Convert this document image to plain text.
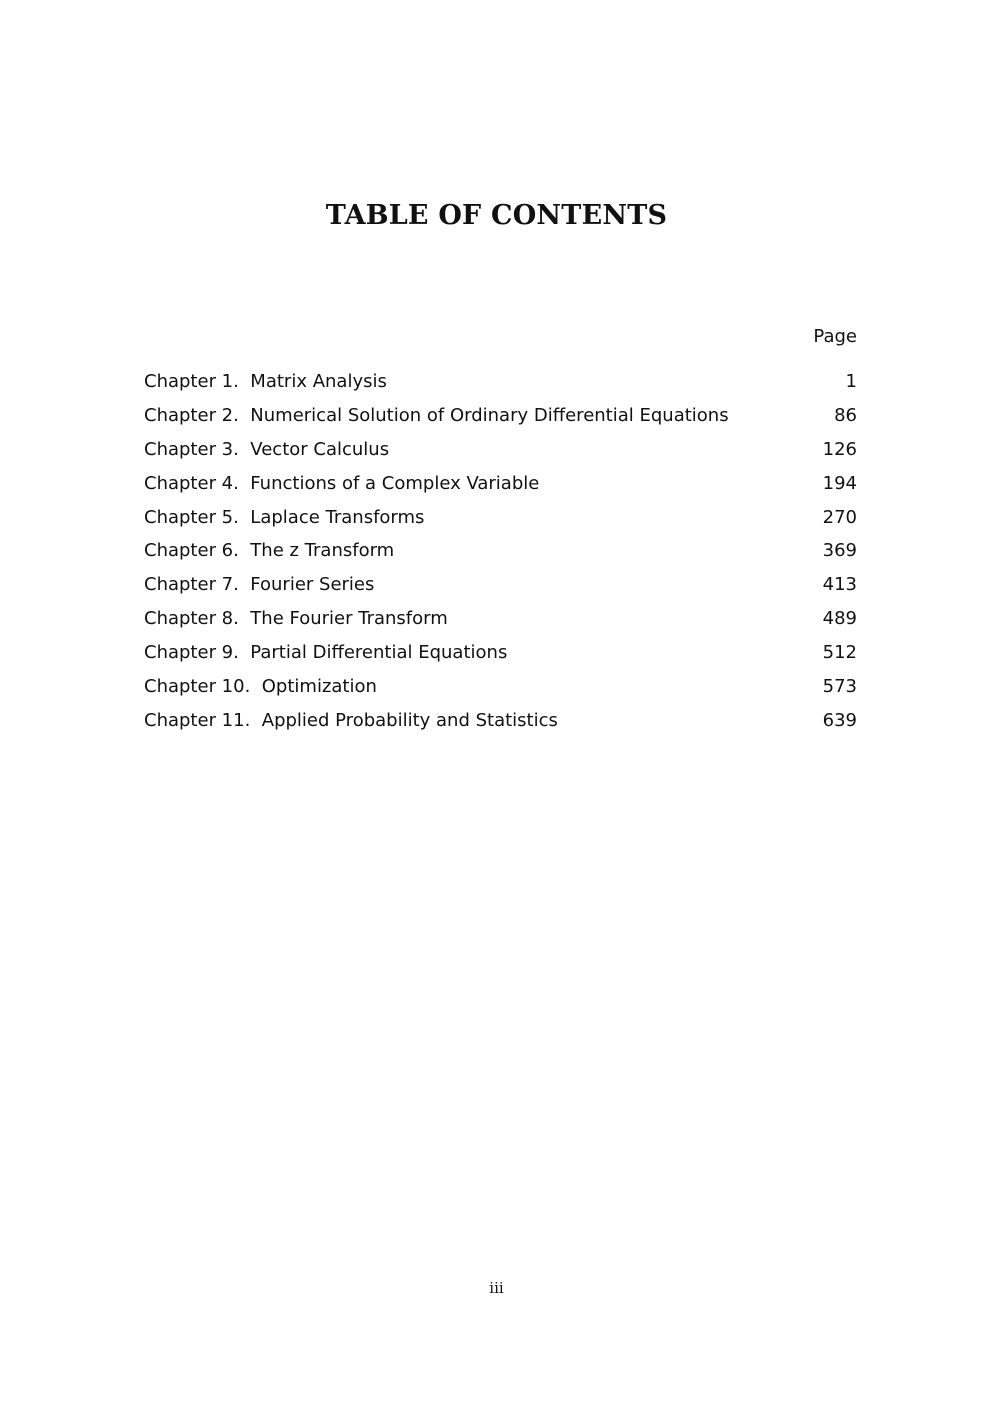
TABLE OF CONTENTS
Page
Chapter 1.  Matrix Analysis	1
Chapter 2.  Numerical Solution of Ordinary Differential Equations	86
Chapter 3.  Vector Calculus	126
Chapter 4.  Functions of a Complex Variable	194
Chapter 5.  Laplace Transforms	270
Chapter 6.  The z Transform	369
Chapter 7.  Fourier Series	413
Chapter 8.  The Fourier Transform	489
Chapter 9.  Partial Differential Equations	512
Chapter 10.  Optimization	573
Chapter 11.  Applied Probability and Statistics	639
iii
